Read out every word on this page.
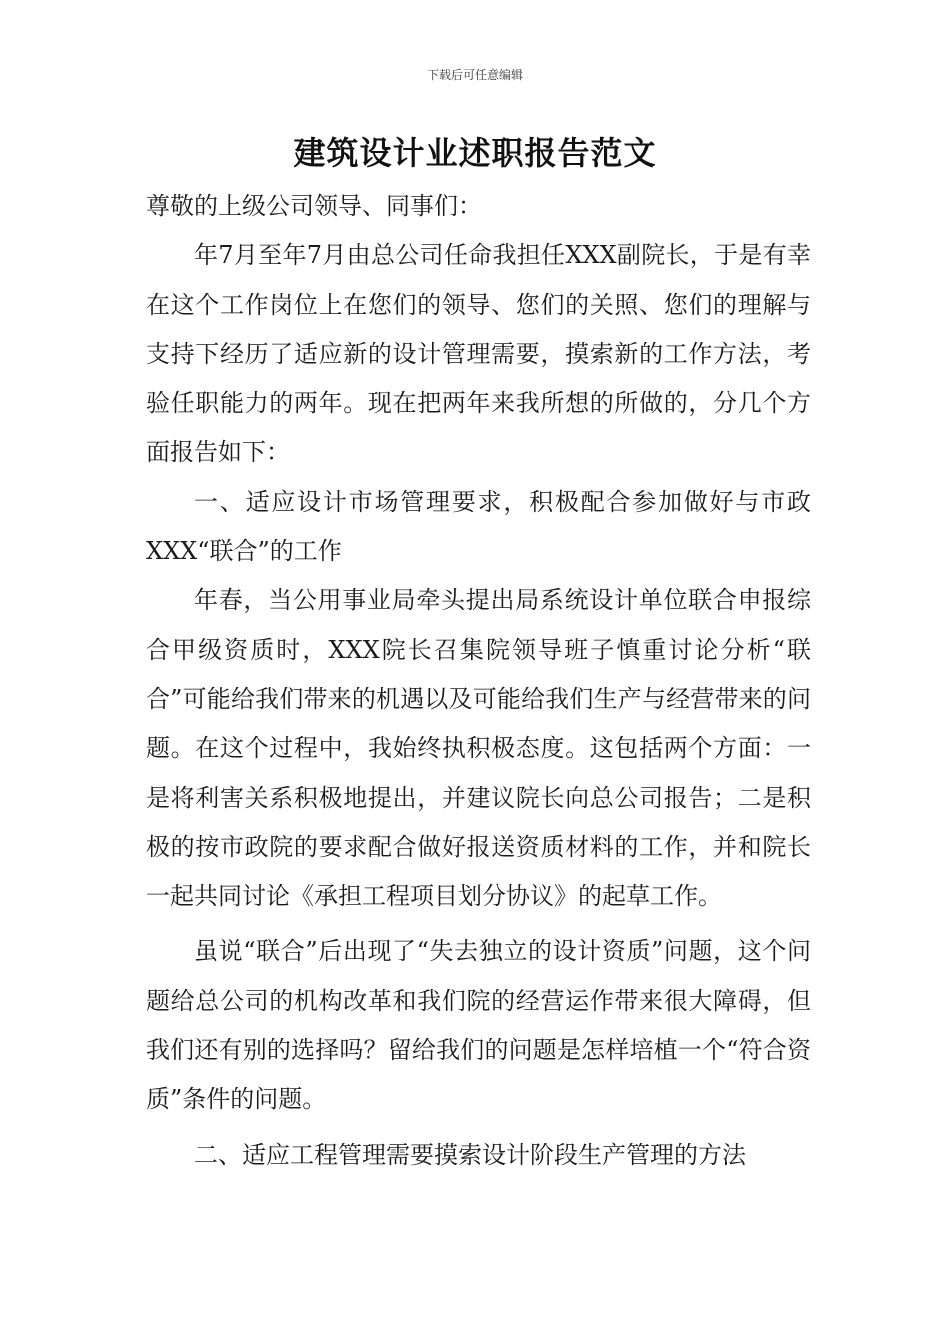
下载后可任意编辑
建筑设计业述职报告范文

尊敬的上级公司领导、同事们：

年7月至年7月由总公司任命我担任XXX副院长，于是有幸在这个工作岗位上在您们的领导、您们的关照、您们的理解与支持下经历了适应新的设计管理需要，摸索新的工作方法，考验任职能力的两年。现在把两年来我所想的所做的，分几个方面报告如下：

一、适应设计市场管理要求，积极配合参加做好与市政XXX“联合”的工作

年春，当公用事业局牵头提出局系统设计单位联合申报综合甲级资质时，XXX院长召集院领导班子慎重讨论分析“联合”可能给我们带来的机遇以及可能给我们生产与经营带来的问题。在这个过程中，我始终执积极态度。这包括两个方面：一是将利害关系积极地提出，并建议院长向总公司报告；二是积极的按市政院的要求配合做好报送资质材料的工作，并和院长一起共同讨论《承担工程项目划分协议》的起草工作。

虽说“联合”后出现了“失去独立的设计资质”问题，这个问题给总公司的机构改革和我们院的经营运作带来很大障碍，但我们还有别的选择吗？留给我们的问题是怎样培植一个“符合资质”条件的问题。

二、适应工程管理需要摸索设计阶段生产管理的方法
